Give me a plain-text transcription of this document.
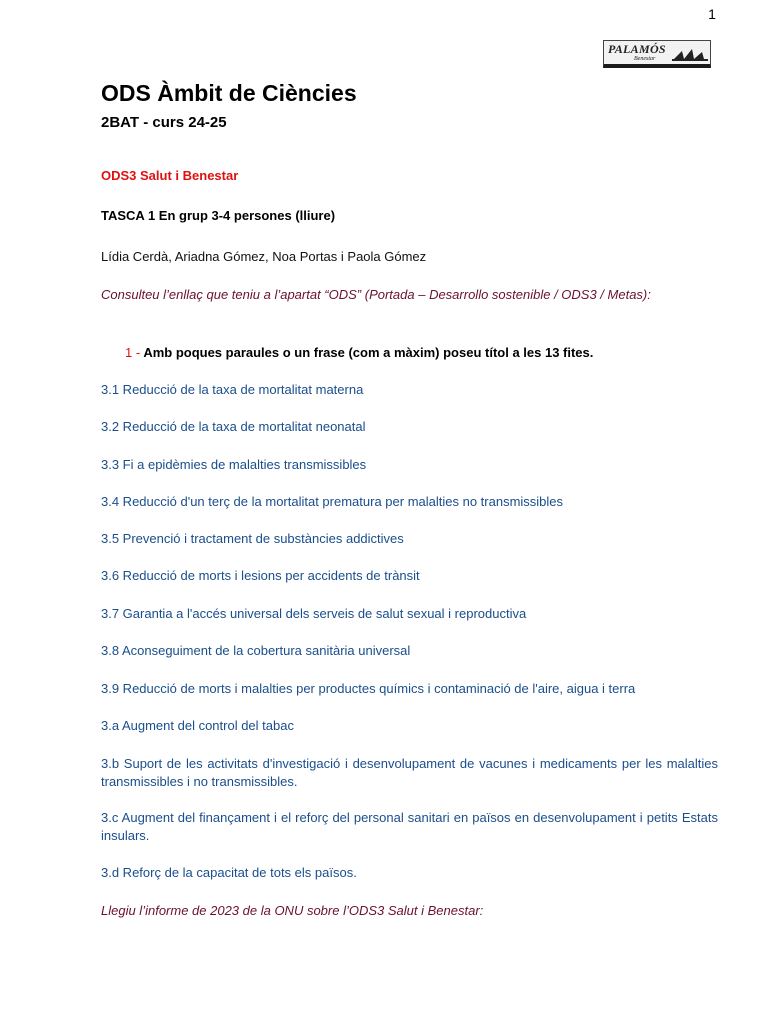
1
PALAMÓS
Benestar
ODS Àmbit de Ciències
2BAT - curs 24-25
ODS3 Salut i Benestar
TASCA 1 En grup 3-4 persones (lliure)
Lídia Cerdà, Ariadna Gómez, Noa Portas i Paola Gómez
Consulteu l’enllaç que teniu a l’apartat “ODS” (Portada – Desarrollo sostenible / ODS3 / Metas):
1 - Amb poques paraules o un frase (com a màxim) poseu títol a les 13 fites.
3.1 Reducció de la taxa de mortalitat materna
3.2 Reducció de la taxa de mortalitat neonatal
3.3 Fi a epidèmies de malalties transmissibles
3.4 Reducció d'un terç de la mortalitat prematura per malalties no transmissibles
3.5 Prevenció i tractament de substàncies addictives
3.6 Reducció de morts i lesions per accidents de trànsit
3.7 Garantia a l'accés universal dels serveis de salut sexual i reproductiva
3.8 Aconseguiment de la cobertura sanitària universal
3.9 Reducció de morts i malalties per productes químics i contaminació de l'aire, aigua i terra
3.a Augment del control del tabac
3.b Suport de les activitats d'investigació i desenvolupament de vacunes i medicaments per les malalties transmissibles i no transmissibles.
3.c Augment del finançament i el reforç del personal sanitari en països en desenvolupament i petits Estats insulars.
3.d Reforç de la capacitat de tots els països.
Llegiu l’informe de 2023 de la ONU sobre l’ODS3 Salut i Benestar:
